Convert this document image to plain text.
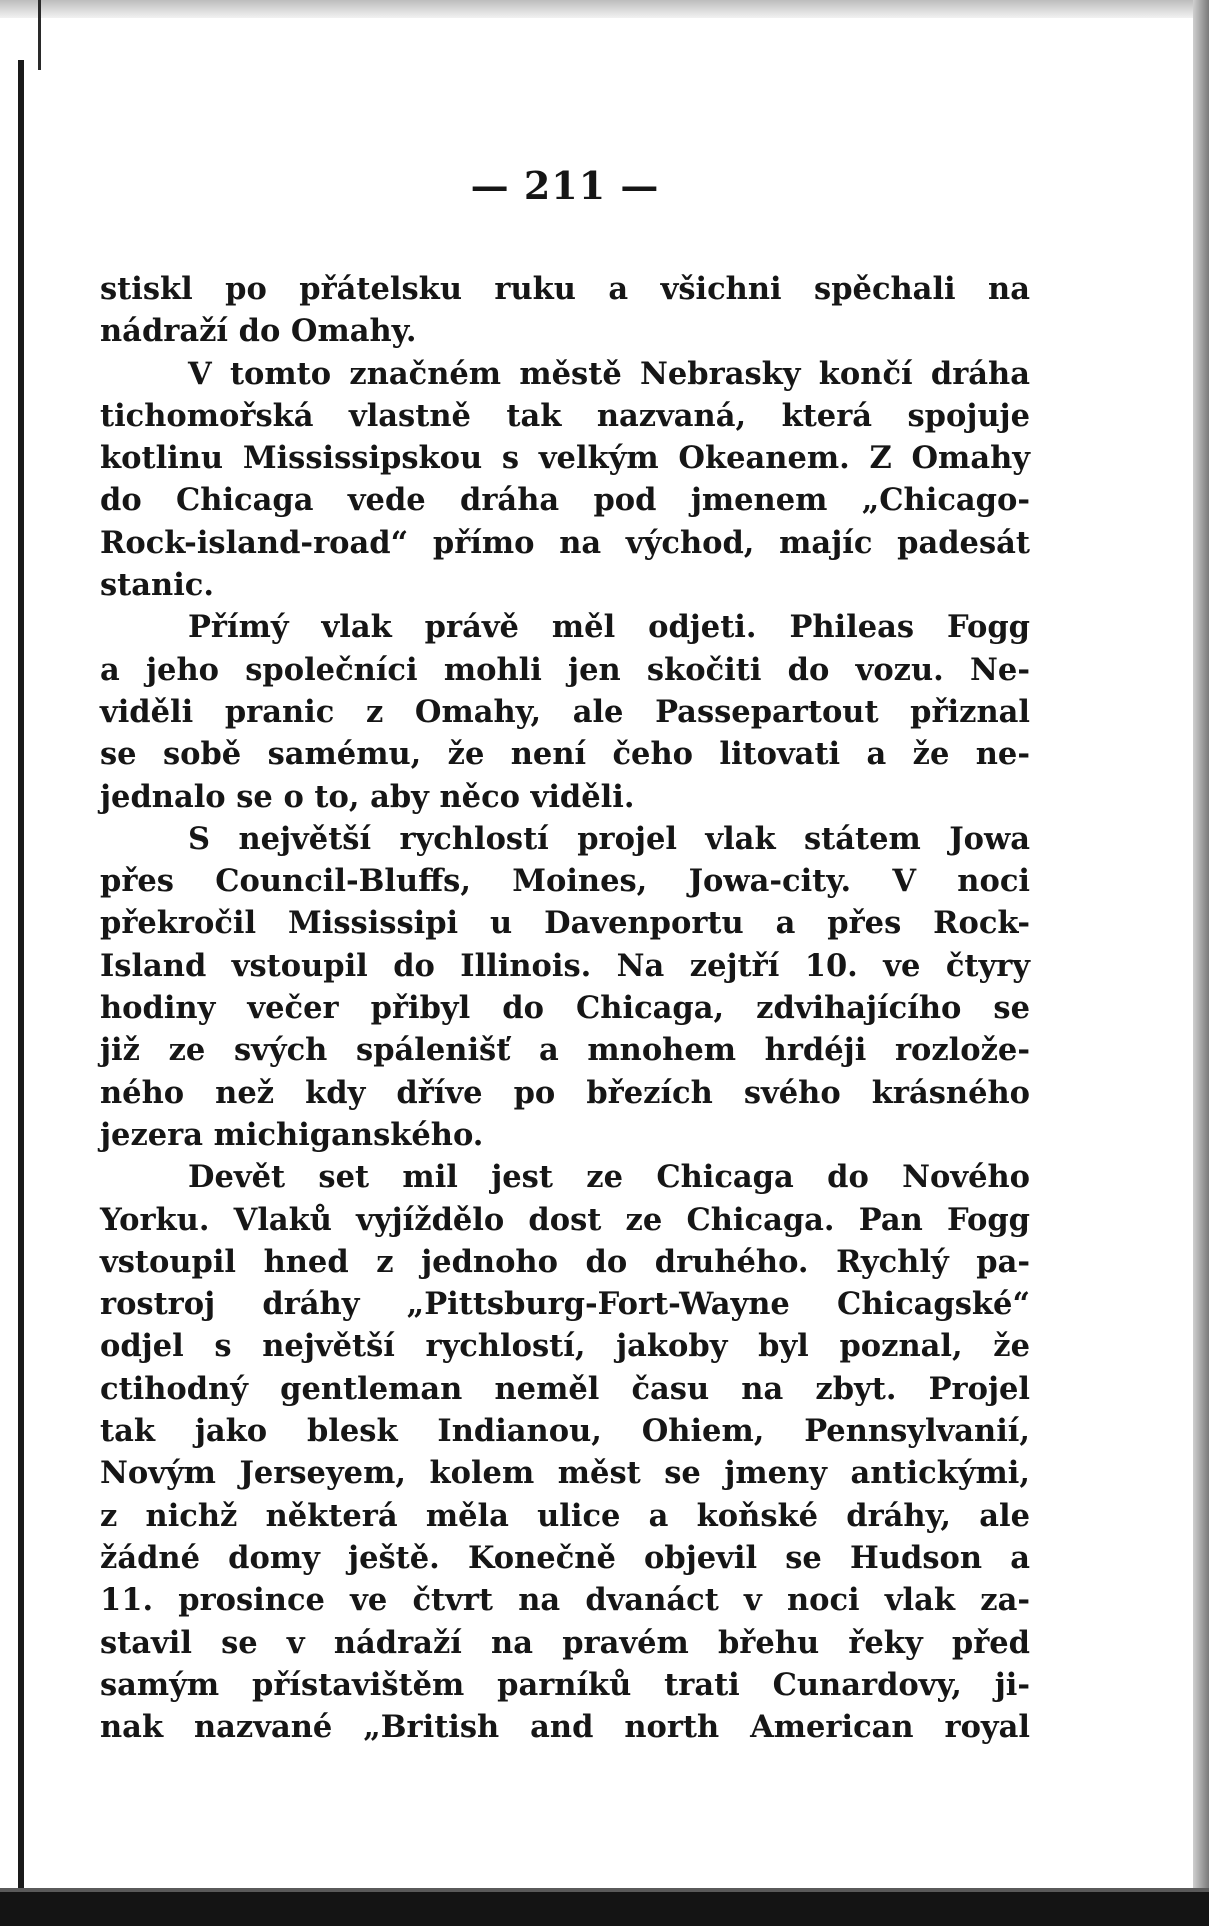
— 211 —
stiskl po přátelsku ruku a všichni spěchali na
nádraží do Omahy.
V tomto značném městě Nebrasky končí dráha
tichomořská vlastně tak nazvaná, která spojuje
kotlinu Mississipskou s velkým Okeanem. Z Omahy
do Chicaga vede dráha pod jmenem „Chicago-
Rock-island-road“ přímo na východ, majíc padesát
stanic.
Přímý vlak právě měl odjeti. Phileas Fogg
a jeho společníci mohli jen skočiti do vozu. Ne-
viděli pranic z Omahy, ale Passepartout přiznal
se sobě samému, že není čeho litovati a že ne-
jednalo se o to, aby něco viděli.
S největší rychlostí projel vlak státem Jowa
přes Council-Bluffs, Moines, Jowa-city. V noci
překročil Mississipi u Davenportu a přes Rock-
Island vstoupil do Illinois. Na zejtří 10. ve čtyry
hodiny večer přibyl do Chicaga, zdvihajícího se
již ze svých spálenišť a mnohem hrdéji rozlože-
ného než kdy dříve po březích svého krásného
jezera michiganského.
Devět set mil jest ze Chicaga do Nového
Yorku. Vlaků vyjíždělo dost ze Chicaga. Pan Fogg
vstoupil hned z jednoho do druhého. Rychlý pa-
rostroj dráhy „Pittsburg-Fort-Wayne Chicagské“
odjel s největší rychlostí, jakoby byl poznal, že
ctihodný gentleman neměl času na zbyt. Projel
tak jako blesk Indianou, Ohiem, Pennsylvanií,
Novým Jerseyem, kolem měst se jmeny antickými,
z nichž některá měla ulice a koňské dráhy, ale
žádné domy ještě. Konečně objevil se Hudson a
11. prosince ve čtvrt na dvanáct v noci vlak za-
stavil se v nádraží na pravém břehu řeky před
samým přístavištěm parníků trati Cunardovy, ji-
nak nazvané „British and north American royal
